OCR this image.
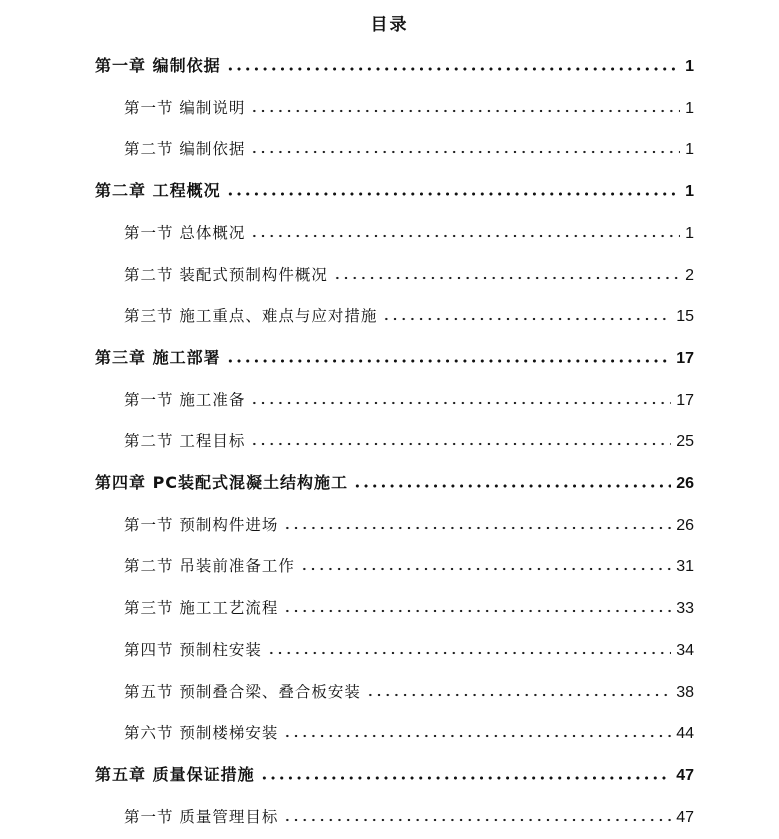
目录
第一章 编制依据	1
第一节 编制说明	1
第二节 编制依据	1
第二章 工程概况	1
第一节 总体概况	1
第二节 装配式预制构件概况	2
第三节 施工重点、难点与应对措施	15
第三章 施工部署	17
第一节 施工准备	17
第二节 工程目标	25
第四章 PC装配式混凝土结构施工	26
第一节 预制构件进场	26
第二节 吊装前准备工作	31
第三节 施工工艺流程	33
第四节 预制柱安装	34
第五节 预制叠合梁、叠合板安装	38
第六节 预制楼梯安装	44
第五章 质量保证措施	47
第一节 质量管理目标	47
